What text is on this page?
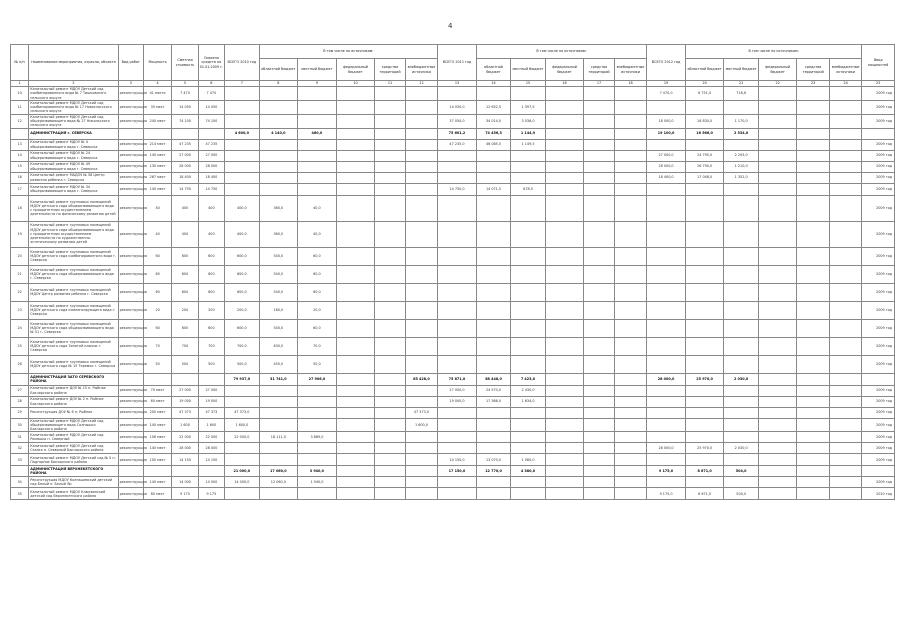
4
№ п/п	Наименование мероприятия, отрасли, объекта	Вид работ	Мощность	Сметная стоимость	Освоено средств на 01.01.2009 г.	ВСЕГО 2010 год	В том числе по источникам:					ВСЕГО 2011 год	В том числе по источникам:					ВСЕГО 2012 год	В том числе по источникам:					Ввод мощностей
							областной бюджет	местный бюджет	федеральный бюджет	средства территорий	внебюджетные источники		областной бюджет	местный бюджет	федеральный бюджет	средства территорий	внебюджетные источники		областной бюджет	местный бюджет	федеральный бюджет	средства территорий	внебюджетные источники	
1	2	3	4	5	6	7	8	9	10	11	12	13	14	15	16	17	18	19	20	21	22	23	24	25
10	Капитальный ремонт МДОУ Детский сад комбинированного вида № 7 Тишковского сельского округа	реконструкция	41 место	7 470	7 470													7 470,0	6 751,4	718,6				2009 год
11	Капитальный ремонт МДОУ Детский сад комбинированного вида № 17 Новоспасского сельского округа	реконструкция	35 мест	14 050	14 050							14 050,0	12 652,5	1 397,5										2009 год
12	Капитальный ремонт МДОУ Детский сад общеразвивающего вида № 27 Никольского сельского округа	реконструкция	240 мест	74 100	74 100							37 050,0	34 014,0	3 036,0				18 000,0	16 830,0	1 170,0				2009 год
	АДМИНИСТРАЦИЯ г. СЕВЕРСКА					4 600,0	4 140,0	460,0				75 601,2	74 456,3	1 144,9				19 100,0	16 566,0	2 534,0				
13	Капитальный ремонт МДОУ № 4 общеразвивающего вида г. Северска	реконструкция	214 мест	47 235	47 235							47 235,0	46 085,5	1 149,5										2009 год
14	Капитальный ремонт МДОУ № 24 общеразвивающего вида г. Северска	реконструкция	140 мест	27 000	27 000													27 000,0	24 795,0	2 205,0				2009 год
15	Капитальный ремонт МДОУ № 49 общеразвивающего вида г. Северска	реконструкция	130 мест	28 000	28 000													28 000,0	26 790,0	1 210,0				2009 год
16	Капитальный ремонт МАДОУ № 58 Центр развития ребенка г. Северска	реконструкция	267 мест	18 400	18 400													18 400,0	17 048,0	1 352,0				2009 год
17	Капитальный ремонт МДОУ № 34 общеразвивающего вида г. Северска	реконструкция	140 мест	14 750	14 750							14 750,0	14 071,5	678,5										2009 год
18	Капитальный ремонт групповых помещений МДОУ детского сада общеразвивающего вида с приоритетным осуществлением деятельности по физическому развитию детей	реконструкция	40	400	400	400,0	360,0	40,0																2009 год
19	Капитальный ремонт групповых помещений МДОУ детского сада общеразвивающего вида с приоритетным осуществлением деятельности по художественно-эстетическому развитию детей	реконструкция	40	400	400	400,0	360,0	40,0																2009 год
20	Капитальный ремонт групповых помещений МДОУ детского сада комбинированного вида г. Северска	реконструкция	60	600	600	600,0	540,0	60,0																2009 год
21	Капитальный ремонт групповых помещений МДОУ детского сада общеразвивающего вида г. Северска	реконструкция	60	600	600	600,0	540,0	60,0																2009 год
22	Капитальный ремонт групповых помещений МДОУ Центр развития ребенка г. Северска	реконструкция	60	600	600	600,0	540,0	60,0																2009 год
23	Капитальный ремонт групповых помещений МДОУ детского сада компенсирующего вида г. Северска	реконструкция	20	200	200	200,0	180,0	20,0																2009 год
24	Капитальный ремонт групповых помещений МДОУ детского сада общеразвивающего вида № 51 г. Северска	реконструкция	60	600	600	600,0	540,0	60,0																2009 год
25	Капитальный ремонт групповых помещений МДОУ детского сада Золотой ключик г. Северска	реконструкция	70	700	700	700,0	630,0	70,0																2009 год
26	Капитальный ремонт групповых помещений МДОУ детского сада № 15 Теремок г. Северска	реконструкция	50	500	500	500,0	450,0	50,0																2009 год
	АДМИНИСТРАЦИЯ ЗАТО СЕРЕВСКОГО РАЙОНА					79 937,0	31 741,0	27 906,0			65 428,0	75 871,0	68 448,0	7 423,0				28 000,0	25 970,0	2 030,0				
27	Капитальный ремонт ДОУ № 15 п. Рыбное Бакчарского района	реконструкция	70 мест	27 000	27 000							27 000,0	24 570,0	2 430,0										2009 год
28	Капитальный ремонт ДОУ № 2 п. Рыбное Бакчарского района	реконструкция	60 мест	19 000	19 000							19 000,0	17 366,0	1 634,0										2009 год
29	Реконструкция ДОУ № 6 п. Рыбное	реконструкция	200 мест	47 373	47 373	47 373,0					47 373,0													2009 год
30	Капитальный ремонт МДОУ Детский сад общеразвивающего вида Солнышко Бакчарского района	реконструкция	140 мест	1 600	1 600	1 600,0					1 600,0													2009 год
31	Капитальный ремонт МДОУ Детский сад Ромашка п. Северный	реконструкция	106 мест	22 000	22 000	22 000,0	18 111,0	3 889,0																2009 год
32	Капитальный ремонт МДОУ Детский сад Сказка п. Северный Бакчарского района	реконструкция	140 мест	28 000	28 000													28 000,0	25 970,0	2 030,0				2009 год
33	Капитальный ремонт МДОУ Детский сад № 5 п. Подгорное Бакчарского района	реконструкция	100 мест	14 150	14 150							14 150,0	13 070,0	1 080,0										2009 год
	АДМИНИСТРАЦИЯ ВЕРХНЕКЕТСКОГО РАЙОНА					21 000,0	17 060,0	3 940,0				17 150,0	12 770,0	4 380,0				9 175,0	8 671,0	504,0				
34	Реконструкция МДОУ Колпашевский детский сад Белый п. Белый Яр	реконструкция	140 мест	14 000	14 000	14 000,0	12 060,0	1 940,0																2009 год
35	Капитальный ремонт МДОУ Клюквинский детский сад Верхнекетского района	реконструкция	80 мест	9 175	9 175													9 175,0	8 671,0	504,0				2010 год
